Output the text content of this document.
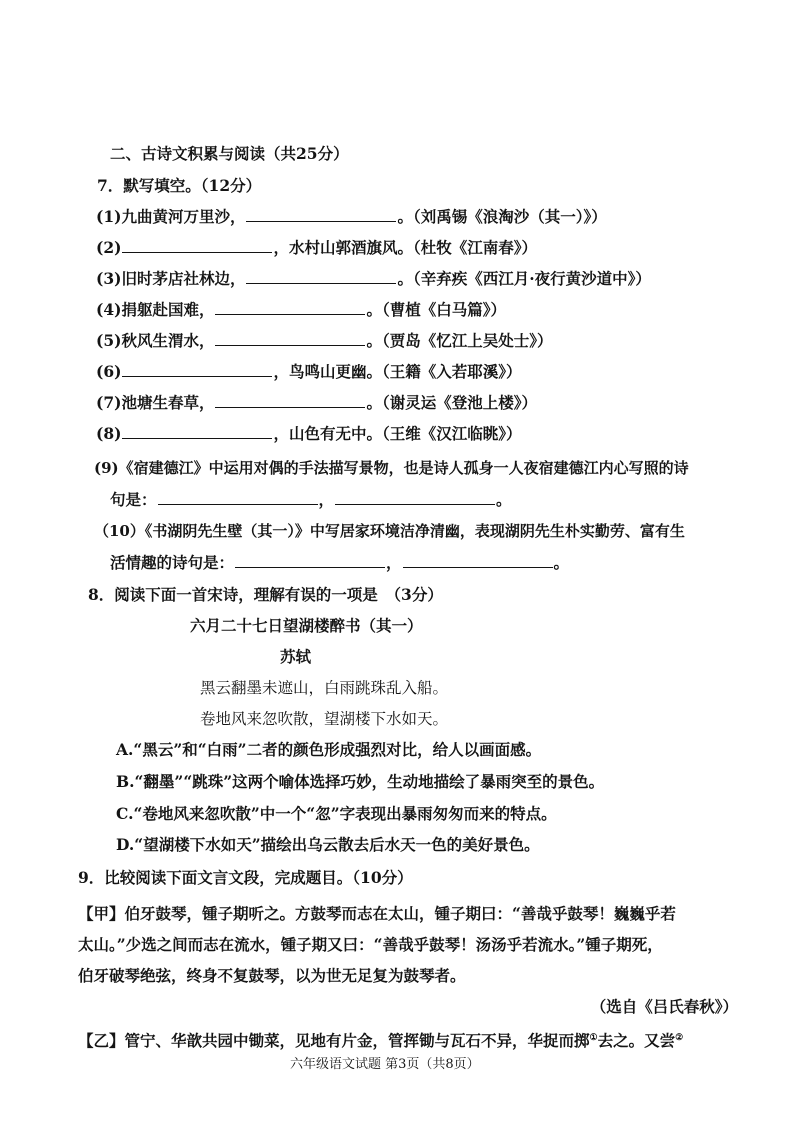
二、古诗文积累与阅读（共25分）
7．默写填空。（12分）
(1)九曲黄河万里沙，	。（刘禹锡《浪淘沙（其一）》）
(2)	，水村山郭酒旗风。（杜牧《江南春》）
(3)旧时茅店社林边，	。（辛弃疾《西江月·夜行黄沙道中》）
(4)捐躯赴国难，	。（曹植《白马篇》）
(5)秋风生渭水，	。（贾岛《忆江上吴处士》）
(6)	，鸟鸣山更幽。（王籍《入若耶溪》）
(7)池塘生春草，	。（谢灵运《登池上楼》）
(8)	，山色有无中。（王维《汉江临眺》）
(9)《宿建德江》中运用对偶的手法描写景物，也是诗人孤身一人夜宿建德江内心写照的诗
句是：	，	。
（10）《书湖阴先生壁（其一）》中写居家环境洁净清幽，表现湖阴先生朴实勤劳、富有生
活情趣的诗句是：	，	。
8．阅读下面一首宋诗，理解有误的一项是　（3分）
六月二十七日望湖楼醉书（其一）
苏轼
黑云翻墨未遮山，白雨跳珠乱入船。
卷地风来忽吹散，望湖楼下水如天。
A.“黑云”和“白雨”二者的颜色形成强烈对比，给人以画面感。
B.“翻墨”“跳珠”这两个喻体选择巧妙，生动地描绘了暴雨突至的景色。
C.“卷地风来忽吹散”中一个“忽”字表现出暴雨匆匆而来的特点。
D.“望湖楼下水如天”描绘出乌云散去后水天一色的美好景色。
9．比较阅读下面文言文段，完成题目。（10分）
【甲】伯牙鼓琴，锺子期听之。方鼓琴而志在太山，锺子期曰：“善哉乎鼓琴！巍巍乎若
太山。”少选之间而志在流水，锺子期又曰：“善哉乎鼓琴！汤汤乎若流水。”锺子期死，
伯牙破琴绝弦，终身不复鼓琴，以为世无足复为鼓琴者。
（选自《吕氏春秋》）
【乙】管宁、华歆共园中锄菜，见地有片金，管挥锄与瓦石不异，华捉而掷①去之。又尝②
六年级语文试题 第3页（共8页）
